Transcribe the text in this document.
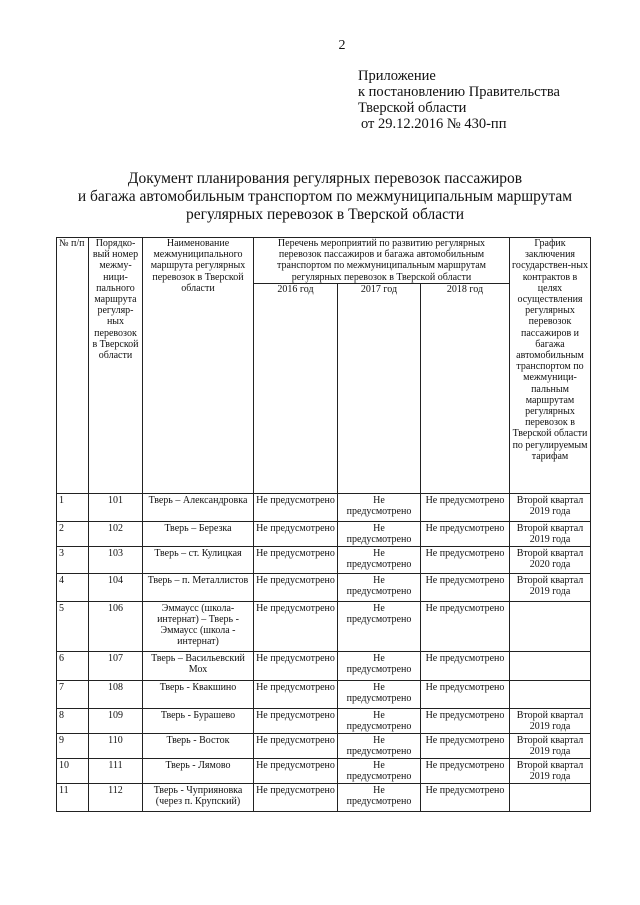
2
Приложение
к постановлению Правительства
Тверской области
от 29.12.2016 № 430-пп
Документ планирования регулярных перевозок пассажиров
и багажа автомобильным транспортом по межмуниципальным маршрутам
регулярных перевозок в Тверской области
№ п/п	Порядко-вый номер межму-ници-пального маршрута регуляр-ных перевозок в Тверской области	Наименование межмуниципального маршрута регулярных перевозок в Тверской области	Перечень мероприятий по развитию регулярных перевозок пассажиров и багажа автомобильным транспортом по межмуниципальным маршрутам регулярных перевозок в Тверской области			График заключения государствен-ных контрактов в целях осуществления регулярных перевозок пассажиров и багажа автомобильным транспортом по межмуници-пальным маршрутам регулярных перевозок в Тверской области по регулируемым тарифам
			2016 год	2017 год	2018 год	
1	101	Тверь – Александровка	Не предусмотрено	Не предусмотрено	Не предусмотрено	Второй квартал 2019 года
2	102	Тверь – Березка	Не предусмотрено	Не предусмотрено	Не предусмотрено	Второй квартал 2019 года
3	103	Тверь – ст. Кулицкая	Не предусмотрено	Не предусмотрено	Не предусмотрено	Второй квартал 2020 года
4	104	Тверь – п. Металлистов	Не предусмотрено	Не предусмотрено	Не предусмотрено	Второй квартал 2019 года
5	106	Эммаусс (школа-интернат) – Тверь - Эммаусс (школа - интернат)	Не предусмотрено	Не предусмотрено	Не предусмотрено	
6	107	Тверь – Васильевский Мох	Не предусмотрено	Не предусмотрено	Не предусмотрено	
7	108	Тверь - Квакшино	Не предусмотрено	Не предусмотрено	Не предусмотрено	
8	109	Тверь - Бурашево	Не предусмотрено	Не предусмотрено	Не предусмотрено	Второй квартал 2019 года
9	110	Тверь - Восток	Не предусмотрено	Не предусмотрено	Не предусмотрено	Второй квартал 2019 года
10	111	Тверь - Лямово	Не предусмотрено	Не предусмотрено	Не предусмотрено	Второй квартал 2019 года
11	112	Тверь - Чуприяновка (через п. Крупский)	Не предусмотрено	Не предусмотрено	Не предусмотрено	
